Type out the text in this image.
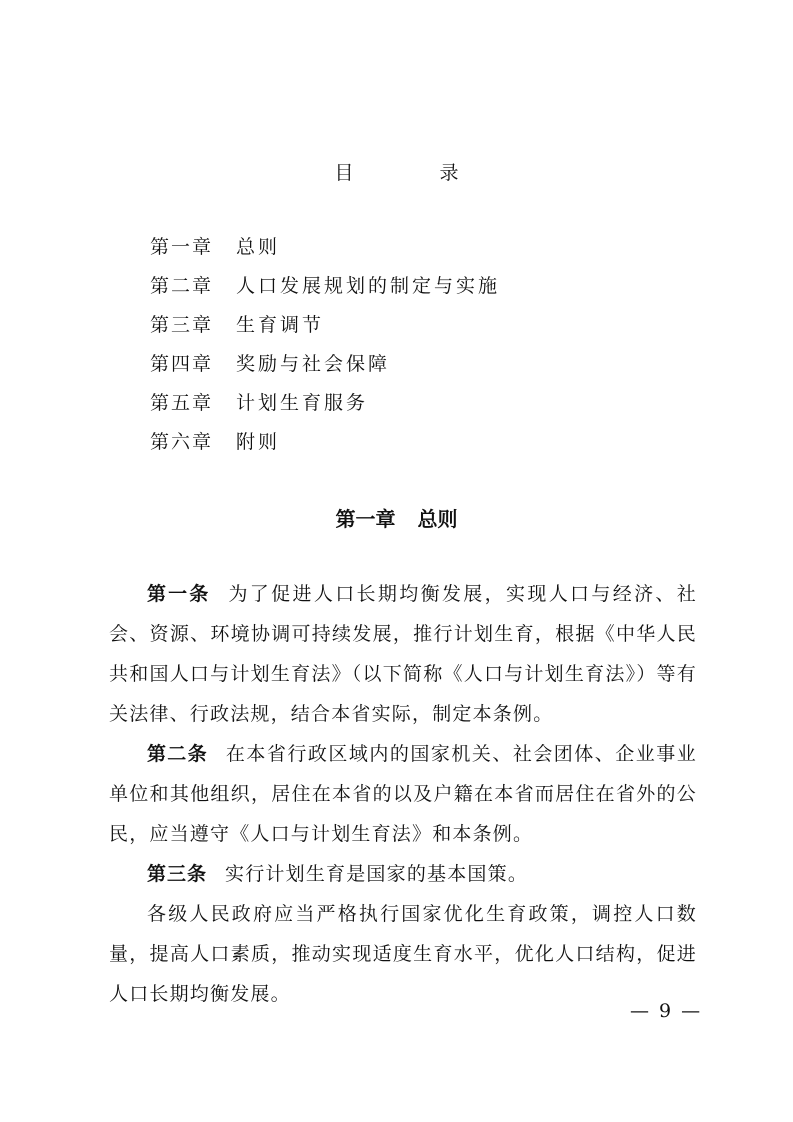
目 录
第一章 总则
第二章 人口发展规划的制定与实施
第三章 生育调节
第四章 奖励与社会保障
第五章 计划生育服务
第六章 附则
第一章 总则

第一条 为了促进人口长期均衡发展，实现人口与经济、社会、资源、环境协调可持续发展，推行计划生育，根据《中华人民共和国人口与计划生育法》（以下简称《人口与计划生育法》）等有关法律、行政法规，结合本省实际，制定本条例。

第二条 在本省行政区域内的国家机关、社会团体、企业事业单位和其他组织，居住在本省的以及户籍在本省而居住在省外的公民，应当遵守《人口与计划生育法》和本条例。

第三条 实行计划生育是国家的基本国策。

各级人民政府应当严格执行国家优化生育政策，调控人口数量，提高人口素质，推动实现适度生育水平，优化人口结构，促进人口长期均衡发展。

— 9 —
